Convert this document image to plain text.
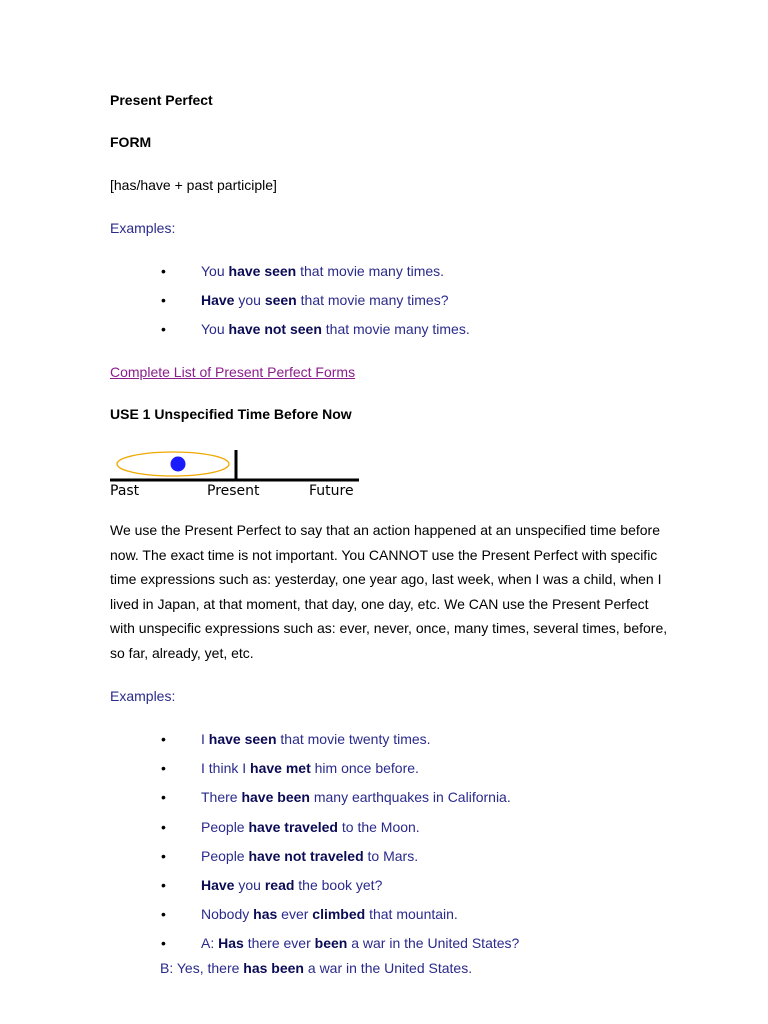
Present Perfect
FORM
[has/have + past participle]
Examples:
•	You have seen that movie many times.
•	Have you seen that movie many times?
•	You have not seen that movie many times.
Complete List of Present Perfect Forms
USE 1 Unspecified Time Before Now
Past	Present	Future
We use the Present Perfect to say that an action happened at an unspecified time before now. The exact time is not important. You CANNOT use the Present Perfect with specific time expressions such as: yesterday, one year ago, last week, when I was a child, when I lived in Japan, at that moment, that day, one day, etc. We CAN use the Present Perfect with unspecific expressions such as: ever, never, once, many times, several times, before, so far, already, yet, etc.
Examples:
•	I have seen that movie twenty times.
•	I think I have met him once before.
•	There have been many earthquakes in California.
•	People have traveled to the Moon.
•	People have not traveled to Mars.
•	Have you read the book yet?
•	Nobody has ever climbed that mountain.
•	A: Has there ever been a war in the United States?
B: Yes, there has been a war in the United States.
